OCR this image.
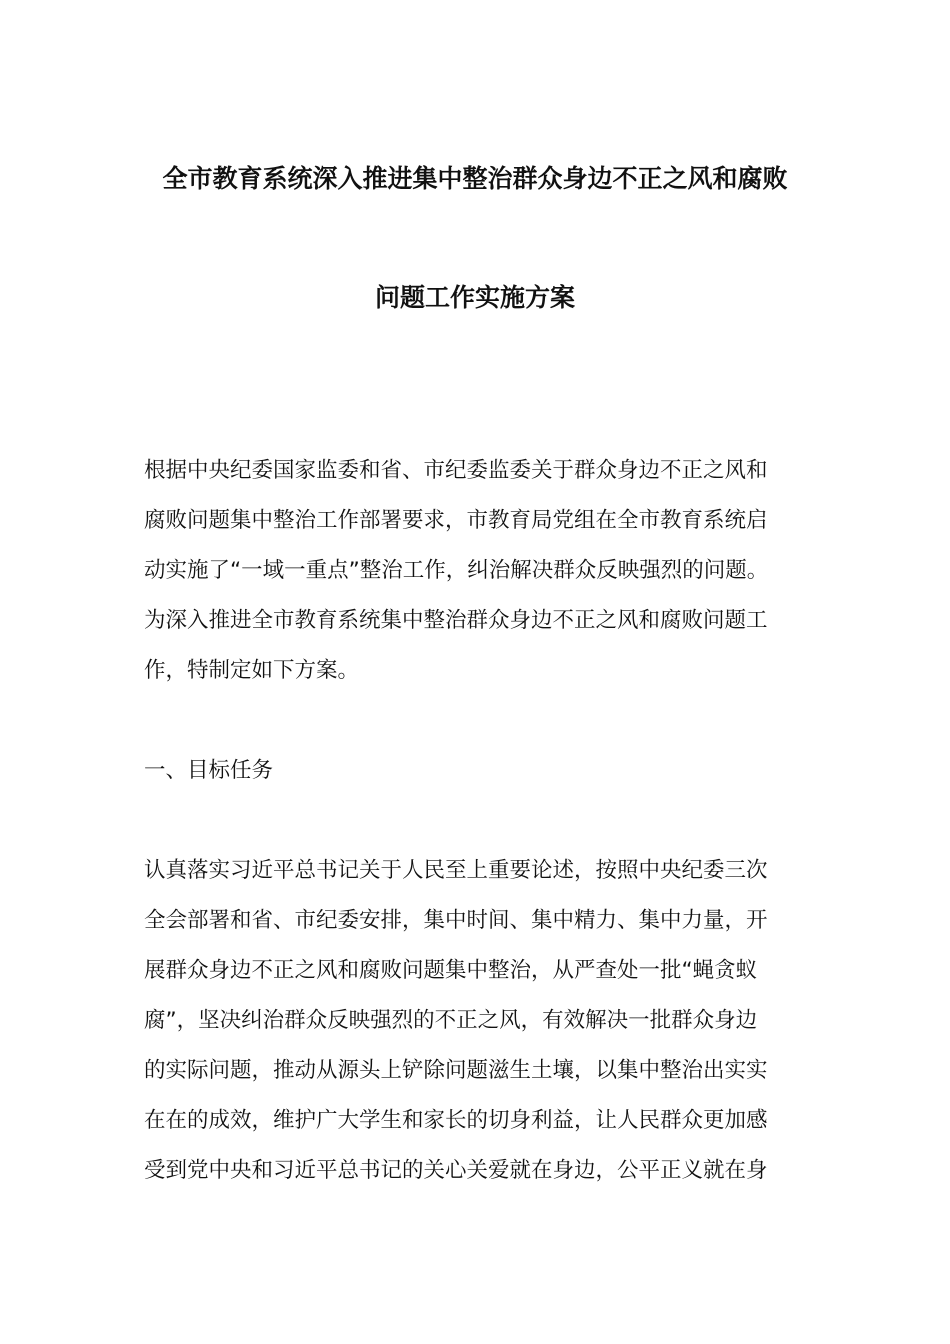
全市教育系统深入推进集中整治群众身边不正之风和腐败
问题工作实施方案
根据中央纪委国家监委和省、市纪委监委关于群众身边不正之风和
腐败问题集中整治工作部署要求，市教育局党组在全市教育系统启
动实施了“一域一重点”整治工作，纠治解决群众反映强烈的问题。
为深入推进全市教育系统集中整治群众身边不正之风和腐败问题工
作，特制定如下方案。
一、目标任务
认真落实习近平总书记关于人民至上重要论述，按照中央纪委三次
全会部署和省、市纪委安排，集中时间、集中精力、集中力量，开
展群众身边不正之风和腐败问题集中整治，从严查处一批“蝇贪蚁
腐”，坚决纠治群众反映强烈的不正之风，有效解决一批群众身边
的实际问题，推动从源头上铲除问题滋生土壤，以集中整治出实实
在在的成效，维护广大学生和家长的切身利益，让人民群众更加感
受到党中央和习近平总书记的关心关爱就在身边，公平正义就在身
